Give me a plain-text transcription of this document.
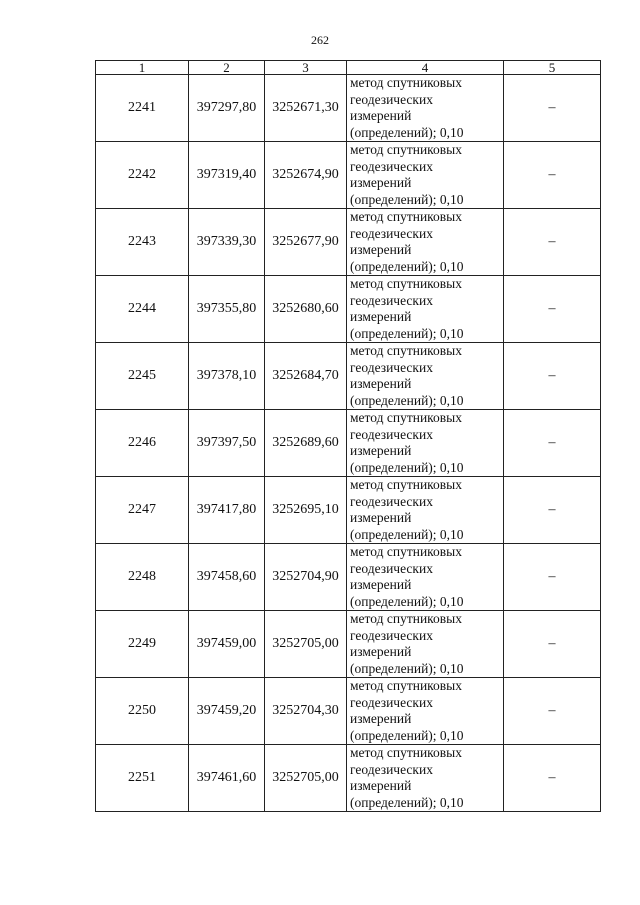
262
1	2	3	4	5
2241	397297,80	3252671,30	метод спутниковых
геодезических
измерений
(определений); 0,10	–
2242	397319,40	3252674,90	метод спутниковых
геодезических
измерений
(определений); 0,10	–
2243	397339,30	3252677,90	метод спутниковых
геодезических
измерений
(определений); 0,10	–
2244	397355,80	3252680,60	метод спутниковых
геодезических
измерений
(определений); 0,10	–
2245	397378,10	3252684,70	метод спутниковых
геодезических
измерений
(определений); 0,10	–
2246	397397,50	3252689,60	метод спутниковых
геодезических
измерений
(определений); 0,10	–
2247	397417,80	3252695,10	метод спутниковых
геодезических
измерений
(определений); 0,10	–
2248	397458,60	3252704,90	метод спутниковых
геодезических
измерений
(определений); 0,10	–
2249	397459,00	3252705,00	метод спутниковых
геодезических
измерений
(определений); 0,10	–
2250	397459,20	3252704,30	метод спутниковых
геодезических
измерений
(определений); 0,10	–
2251	397461,60	3252705,00	метод спутниковых
геодезических
измерений
(определений); 0,10	–
